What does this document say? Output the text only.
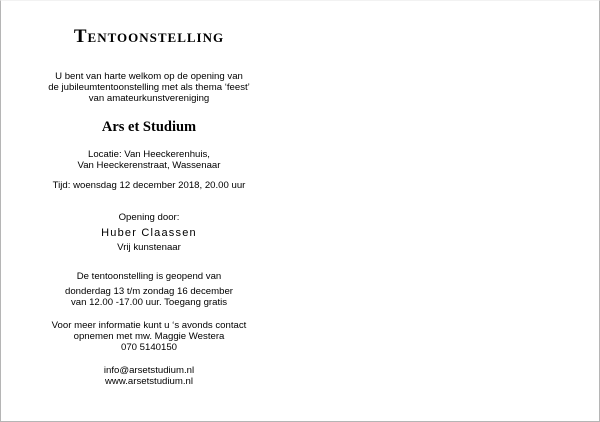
Tentoonstelling
U bent van harte welkom op de opening van
de jubileumtentoonstelling met als thema ‘feest’
van amateurkunstvereniging
Ars et Studium
Locatie: Van Heeckerenhuis,
Van Heeckerenstraat, Wassenaar
Tijd: woensdag 12 december 2018, 20.00 uur
Opening door:
Huber Claassen
Vrij kunstenaar
De tentoonstelling is geopend van
donderdag 13 t/m zondag 16 december
van 12.00 -17.00 uur. Toegang gratis
Voor meer informatie kunt u ‘s avonds contact
opnemen met mw. Maggie Westera
070 5140150
info@arsetstudium.nl
www.arsetstudium.nl
